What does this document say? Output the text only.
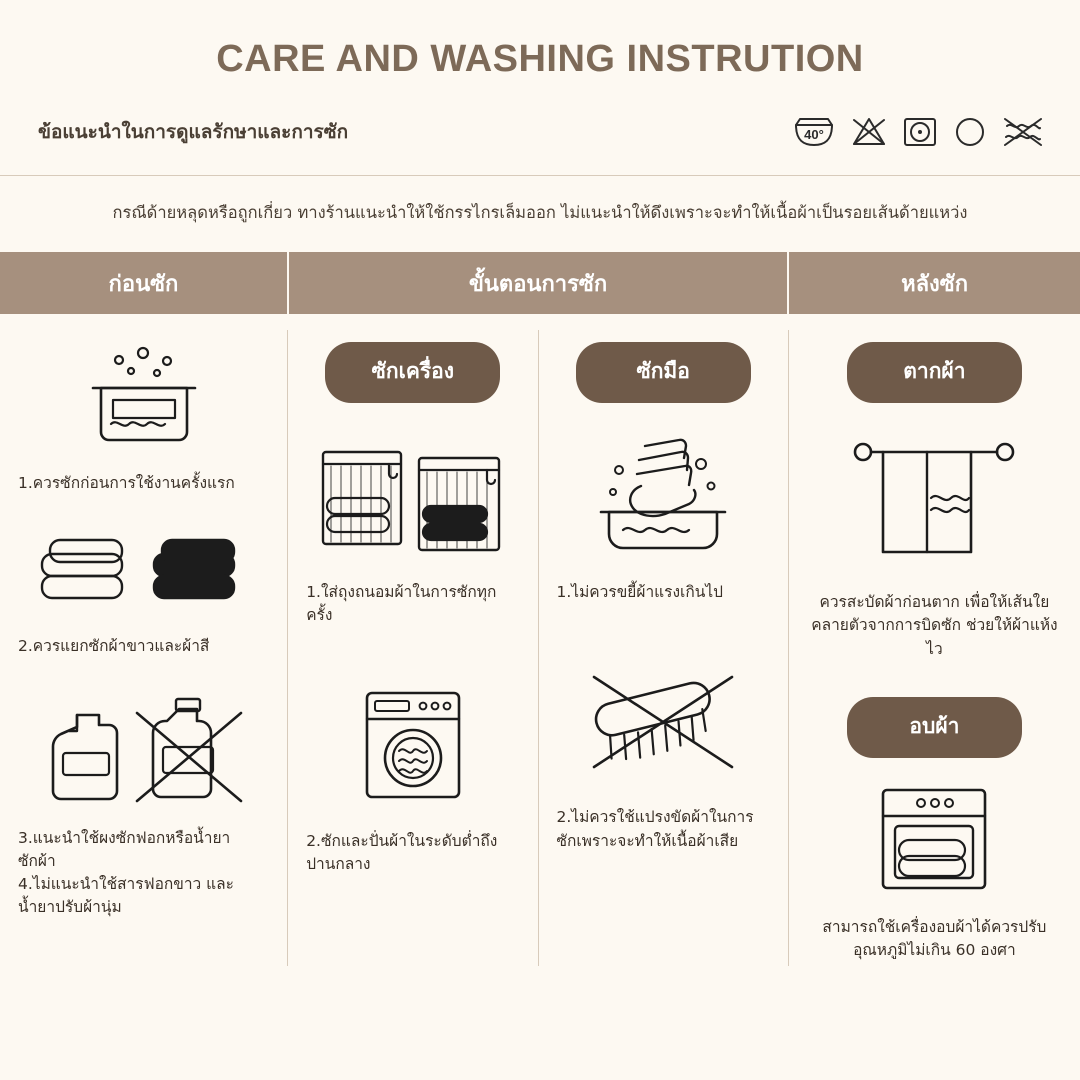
CARE AND WASHING INSTRUTION
ข้อแนะนำในการดูแลรักษาและการซัก	40°
กรณีด้ายหลุดหรือถูกเกี่ยว ทางร้านแนะนำให้ใช้กรรไกรเล็มออก ไม่แนะนำให้ดึงเพราะจะทำให้เนื้อผ้าเป็นรอยเส้นด้ายแหว่ง
ก่อนซัก	ขั้นตอนการซัก	หลังซัก
1.ควรซักก่อนการใช้งานครั้งแรก
2.ควรแยกซักผ้าขาวและผ้าสี
3.แนะนำใช้ผงซักฟอกหรือน้ำยา
ซักผ้า
4.ไม่แนะนำใช้สารฟอกขาว และ
น้ำยาปรับผ้านุ่ม
ซักเครื่อง
1.ใส่ถุงถนอมผ้าในการซักทุกครั้ง
2.ซักและปั่นผ้าในระดับต่ำถึงปานกลาง
ซักมือ
1.ไม่ควรขยี้ผ้าแรงเกินไป
2.ไม่ควรใช้แปรงขัดผ้าในการซักเพราะจะทำให้เนื้อผ้าเสีย
ตากผ้า
ควรสะบัดผ้าก่อนตาก เพื่อให้เส้นใยคลายตัวจากการบิดซัก ช่วยให้ผ้าแห้งไว
อบผ้า
สามารถใช้เครื่องอบผ้าได้ควรปรับอุณหภูมิไม่เกิน 60 องศา
